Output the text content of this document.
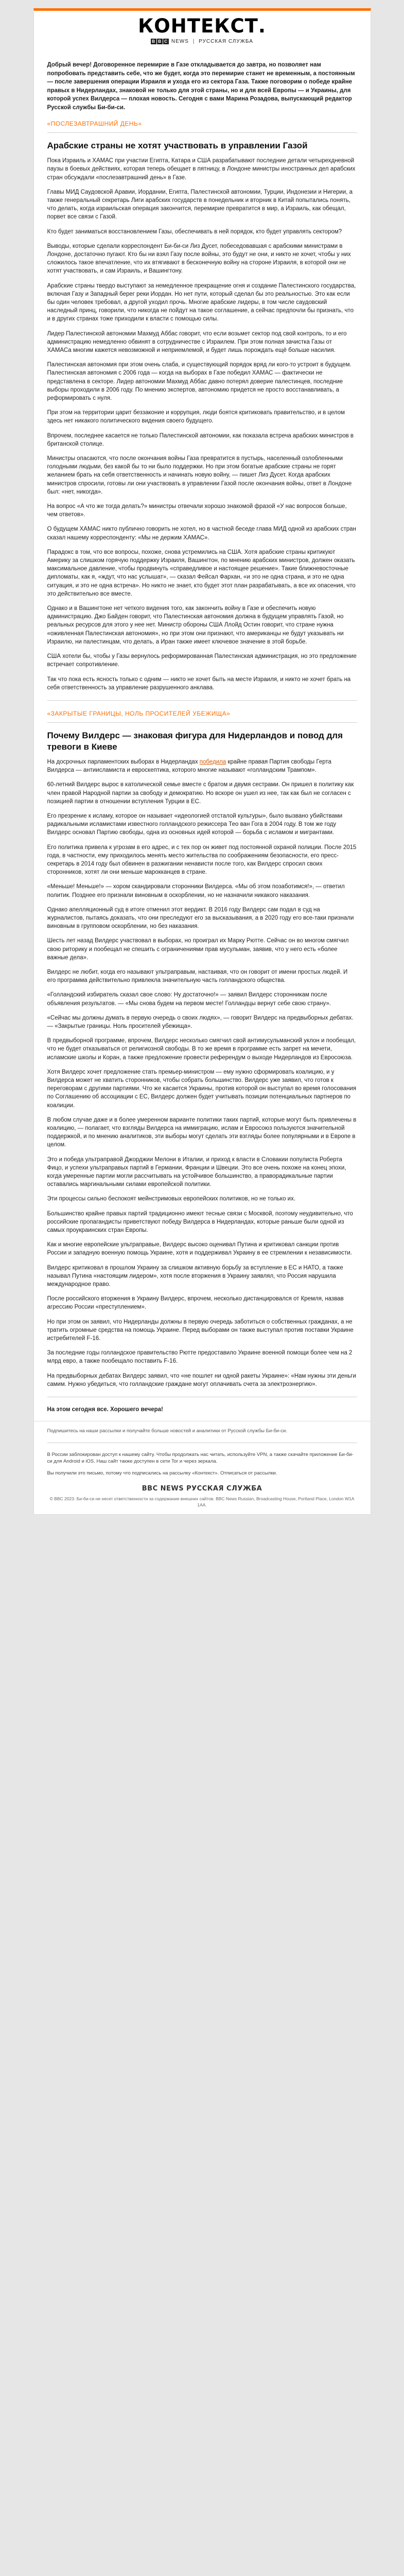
КОНТЕКСТ.
B B C NEWS | РУССКАЯ СЛУЖБА

Добрый вечер! Договоренное перемирие в Газе откладывается до завтра, но позволяет нам попробовать представить себе, что же будет, когда это перемирие станет не временным, а постоянным — после завершения операции Израиля и ухода его из сектора Газа. Также поговорим о победе крайне правых в Нидерландах, знаковой не только для этой страны, но и для всей Европы — и Украины, для которой успех Вилдерса — плохая новость. Сегодня с вами Марина Розадова, выпускающий редактор Русской службы Би-би-си.

«ПОСЛЕЗАВТРАШНИЙ ДЕНЬ»
Арабские страны не хотят участвовать в управлении Газой

Пока Израиль и ХАМАС при участии Египта, Катара и США разрабатывают последние детали четырехдневной паузы в боевых действиях, которая теперь обещает в пятницу, в Лондоне министры иностранных дел арабских стран обсуждали «послезавтрашний день» в Газе.

Главы МИД Саудовской Аравии, Иордании, Египта, Палестинской автономии, Турции, Индонезии и Нигерии, а также генеральный секретарь Лиги арабских государств в понедельник и вторник в Китай попытались понять, что делать, когда израильская операция закончится, перемирие превратится в мир, а Израиль, как обещал, порвет все связи с Газой.

Кто будет заниматься восстановлением Газы, обеспечивать в ней порядок, кто будет управлять сектором?

Выводы, которые сделали корреспондент Би-би-си Лиз Дусет, побеседовавшая с арабскими министрами в Лондоне, достаточно пугают. Кто бы ни взял Газу после войны, это будут не они, и никто не хочет, чтобы у них сложилось такое впечатление, что их втягивают в бесконечную войну на стороне Израиля, в которой они не хотят участвовать, и сам Израиль, и Вашингтону.

Арабские страны твердо выступают за немедленное прекращение огня и создание Палестинского государства, включая Газу и Западный берег реки Иордан. Но нет пути, который сделал бы это реальностью. Это как если бы один человек требовал, а другой уходил прочь. Многие арабские лидеры, в том числе саудовский наследный принц, говорили, что никогда не пойдут на такое соглашение, а сейчас предпочли бы признать, что и в других странах тоже приходили к власти с помощью силы.

Лидер Палестинской автономии Махмуд Аббас говорит, что если возьмет сектор под свой контроль, то и его администрацию немедленно обвинят в сотрудничестве с Израилем. При этом полная зачистка Газы от ХАМАСа многим кажется невозможной и неприемлемой, и будет лишь порождать ещё больше насилия.

Палестинская автономия при этом очень слаба, и существующий порядок вряд ли кого-то устроит в будущем. Палестинская автономия с 2006 года — когда на выборах в Газе победил ХАМАС — фактически не представлена в секторе. Лидер автономии Махмуд Аббас давно потерял доверие палестинцев, последние выборы проходили в 2006 году. По мнению экспертов, автономию придется не просто восстанавливать, а реформировать с нуля.

При этом на территории царит беззаконие и коррупция, люди боятся критиковать правительство, и в целом здесь нет никакого политического видения своего будущего.

Впрочем, последнее касается не только Палестинской автономии, как показала встреча арабских министров в британской столице.

Министры опасаются, что после окончания войны Газа превратится в пустырь, населенный озлобленными голодными людьми, без какой бы то ни было поддержки. Но при этом богатые арабские страны не горят желанием брать на себя ответственность и начинать новую войну, — пишет Лиз Дусет. Когда арабских министров спросили, готовы ли они участвовать в управлении Газой после окончания войны, ответ в Лондоне был: «нет, никогда».

На вопрос «А что же тогда делать?» министры отвечали хорошо знакомой фразой «У нас вопросов больше, чем ответов».

О будущем ХАМАС никто публично говорить не хотел, но в частной беседе глава МИД одной из арабских стран сказал нашему корреспонденту: «Мы не держим ХАМАС».

Парадокс в том, что все вопросы, похоже, снова устремились на США. Хотя арабские страны критикуют Америку за слишком горячую поддержку Израиля, Вашингтон, по мнению арабских министров, должен оказать максимальное давление, чтобы продвинуть «справедливое и настоящее решение». Такие ближневосточные дипломаты, как я, «ждут, что нас услышат», — сказал Фейсал Фархан, «и это не одна страна, и это не одна ситуация, и это не одна встреча». Но никто не знает, кто будет этот план разрабатывать, а все их опасения, что это действительно все вместе.

Однако и в Вашингтоне нет четкого видения того, как закончить войну в Газе и обеспечить новую администрацию. Джо Байден говорит, что Палестинская автономия должна в будущем управлять Газой, но реальных ресурсов для этого у нее нет. Министр обороны США Ллойд Остин говорит, что стране нужна «оживленная Палестинская автономия», но при этом они признают, что американцы не будут указывать ни Израилю, ни палестинцам, что делать, а Иран также имеет ключевое значение в этой борьбе.

США хотели бы, чтобы у Газы вернулось реформированная Палестинская администрация, но это предложение встречает сопротивление.

Так что пока есть ясность только с одним — никто не хочет быть на месте Израиля, и никто не хочет брать на себя ответственность за управление разрушенного анклава.

«ЗАКРЫТЫЕ ГРАНИЦЫ, НОЛЬ ПРОСИТЕЛЕЙ УБЕЖИЩА»
Почему Вилдерс — знаковая фигура для Нидерландов и повод для тревоги в Киеве

На досрочных парламентских выборах в Нидерландах победила крайне правая Партия свободы Герта Вилдерса — антиисламиста и евроскептика, которого многие называют «голландским Трампом».

60-летний Вилдерс вырос в католической семье вместе с братом и двумя сестрами. Он пришел в политику как член правой Народной партии за свободу и демократию. Но вскоре он ушел из нее, так как был не согласен с позицией партии в отношении вступления Турции в ЕС.

Его презрение к исламу, которое он называет «идеологией отсталой культуры», было вызвано убийствами радикальными исламистами известного голландского режиссера Тео ван Гога в 2004 году. В том же году Вилдерс основал Партию свободы, одна из основных идей которой — борьба с исламом и мигрантами.

Его политика привела к угрозам в его адрес, и с тех пор он живет под постоянной охраной полиции. После 2015 года, в частности, ему приходилось менять место жительства по соображениям безопасности, его пресс-секретарь в 2014 году был обвинен в разжигании ненависти после того, как Вилдерс спросил своих сторонников, хотят ли они меньше марокканцев в стране.

«Меньше! Меньше!» — хором скандировали сторонники Вилдерса. «Мы об этом позаботимся!», — ответил политик. Позднее его признали виновным в оскорблении, но не назначили никакого наказания.

Однако апелляционный суд в итоге отменил этот вердикт. В 2016 году Вилдерс сам подал в суд на журналистов, пытаясь доказать, что они преследуют его за высказывания, а в 2020 году его все-таки признали виновным в групповом оскорблении, но без наказания.

Шесть лет назад Вилдерс участвовал в выборах, но проиграл их Марку Рютте. Сейчас он во многом смягчил свою риторику и пообещал не спешить с ограничениями прав мусульман, заявив, что у него есть «более важные дела».

Вилдерс не любит, когда его называют ультраправым, настаивая, что он говорит от имени простых людей. И его программа действительно привлекла значительную часть голландского общества.

«Голландский избиратель сказал свое слово: Ну достаточно!» — заявил Вилдерс сторонникам после объявления результатов. — «Мы снова будем на первом месте! Голландцы вернут себе свою страну».

«Сейчас мы должны думать в первую очередь о своих людях», — говорит Вилдерс на предвыборных дебатах. — «Закрытые границы. Ноль просителей убежища».

В предвыборной программе, впрочем, Вилдерс несколько смягчил свой антимусульманский уклон и пообещал, что не будет отказываться от религиозной свободы. В то же время в программе есть запрет на мечети, исламские школы и Коран, а также предложение провести референдум о выходе Нидерландов из Евросоюза.

Хотя Вилдерс хочет предложение стать премьер-министром — ему нужно сформировать коалицию, и у Вилдерса может не хватить сторонников, чтобы собрать большинство. Вилдерс уже заявил, что готов к переговорам с другими партиями. Что же касается Украины, против которой он выступал во время голосования по Соглашению об ассоциации с ЕС, Вилдерс должен будет учитывать позиции потенциальных партнеров по коалиции.

В любом случае даже и в более умеренном варианте политики таких партий, которые могут быть привлечены в коалицию, — полагает, что взгляды Вилдерса на иммиграцию, ислам и Евросоюз пользуются значительной поддержкой, и по мнению аналитиков, эти выборы могут сделать эти взгляды более популярными и в Европе в целом.

Это и победа ультраправой Джорджии Мелони в Италии, и приход к власти в Словакии популиста Роберта Фицо, и успехи ультраправых партий в Германии, Франции и Швеции. Это все очень похоже на конец эпохи, когда умеренные партии могли рассчитывать на устойчивое большинство, а праворадикальные партии оставались маргинальными силами европейской политики.

Эти процессы сильно беспокоят мейнстримовых европейских политиков, но не только их.

Большинство крайне правых партий традиционно имеют тесные связи с Москвой, поэтому неудивительно, что российские пропагандисты приветствуют победу Вилдерса в Нидерландах, которые раньше были одной из самых проукраинских стран Европы.

Как и многие европейские ультраправые, Вилдерс высоко оценивал Путина и критиковал санкции против России и западную военную помощь Украине, хотя и поддерживал Украину в ее стремлении к независимости.

Вилдерс критиковал в прошлом Украину за слишком активную борьбу за вступление в ЕС и НАТО, а также называл Путина «настоящим лидером», хотя после вторжения в Украину заявлял, что Россия нарушила международное право.

После российского вторжения в Украину Вилдерс, впрочем, несколько дистанцировался от Кремля, назвав агрессию России «преступлением».

Но при этом он заявил, что Нидерланды должны в первую очередь заботиться о собственных гражданах, а не тратить огромные средства на помощь Украине. Перед выборами он также выступал против поставки Украине истребителей F-16.

За последние годы голландское правительство Рютте предоставило Украине военной помощи более чем на 2 млрд евро, а также пообещало поставить F-16.

На предвыборных дебатах Вилдерс заявил, что «не пошлет ни одной ракеты Украине»: «Нам нужны эти деньги самим. Нужно убедиться, что голландские граждане могут оплачивать счета за электроэнергию».

На этом сегодня все. Хорошего вечера!

Подпишитесь на наши рассылки и получайте больше новостей и аналитики от Русской службы Би-би-си.

В России заблокирован доступ к нашему сайту. Чтобы продолжать нас читать, используйте VPN, а также скачайте приложение Би-би-си для Android и iOS. Наш сайт также доступен в сети Tor и через зеркала.

Вы получили это письмо, потому что подписались на рассылку «Контекст». Отписаться от рассылки.

BBC NEWS РУССКАЯ СЛУЖБА
© BBC 2023. Би-би-си не несет ответственности за содержание внешних сайтов. BBC News Russian, Broadcasting House, Portland Place, London W1A 1AA.
